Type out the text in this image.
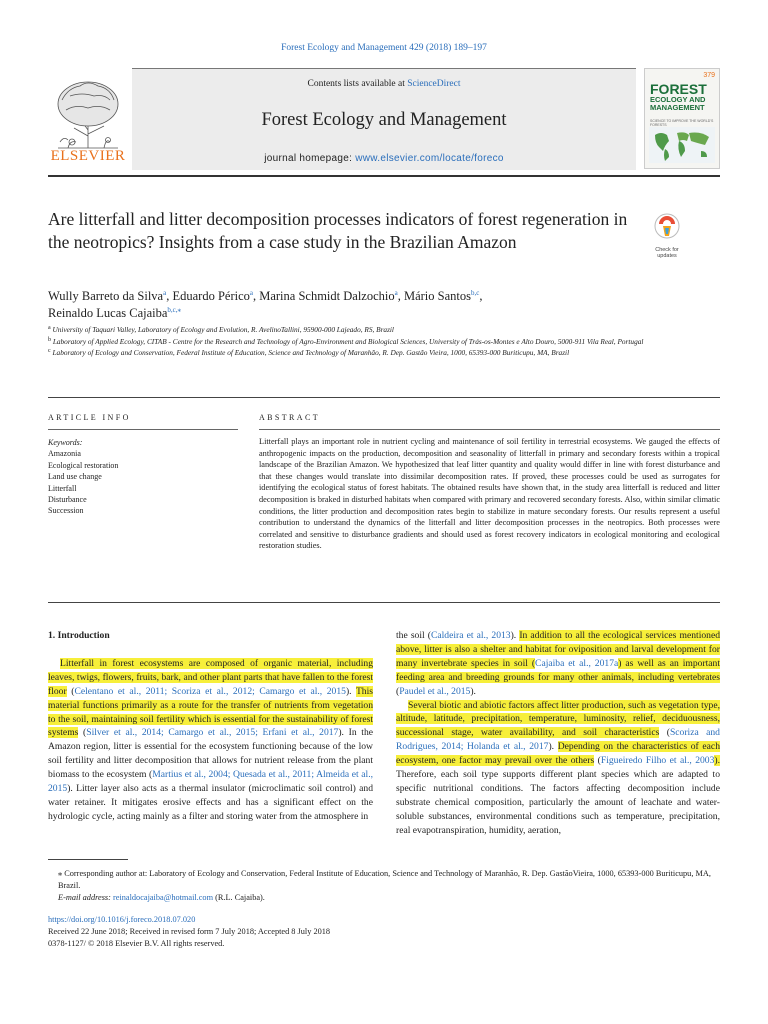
Forest Ecology and Management 429 (2018) 189–197
ELSEVIER
Contents lists available at ScienceDirect
Forest Ecology and Management
journal homepage: www.elsevier.com/locate/foreco
379
FOREST
ECOLOGY AND
MANAGEMENT
SCIENCE TO IMPROVE THE WORLD'S FORESTS
Are litterfall and litter decomposition processes indicators of forest regeneration in the neotropics? Insights from a case study in the Brazilian Amazon	Check for
updates
Wully Barreto da Silva$^a$, Eduardo Périco$^a$, Marina Schmidt Dalzochio$^a$, Mário Santos$^{b,c}$,
Reinaldo Lucas Cajaiba$^{b,c,⁎}$
$^a$ University of Taquari Valley, Laboratory of Ecology and Evolution, R. AvelinoTallini, 95900-000 Lajeado, RS, Brazil
$^b$ Laboratory of Applied Ecology, CITAB - Centre for the Research and Technology of Agro-Environment and Biological Sciences, University of Trás-os-Montes e Alto Douro, 5000-911 Vila Real, Portugal
$^c$ Laboratory of Ecology and Conservation, Federal Institute of Education, Science and Technology of Maranhão, R. Dep. Gastão Vieira, 1000, 65393-000 Buriticupu, MA, Brazil
ARTICLE INFO	ABSTRACT
Keywords:
Amazonia
Ecological restoration
Land use change
Litterfall
Disturbance
Succession
Litterfall plays an important role in nutrient cycling and maintenance of soil fertility in terrestrial ecosystems. We gauged the effects of anthropogenic impacts on the production, decomposition and seasonality of litterfall in primary and secondary forests within a tropical landscape of the Brazilian Amazon. We hypothesized that leaf litter quantity and quality would differ in line with forest disturbance and that these changes would translate into dissimilar decomposition rates. If proved, these processes could be used as surrogates for identifying the ecological status of forest habitats. The obtained results have shown that, in the study area litterfall is reduced and litter decomposition is braked in disturbed habitats when compared with primary and recovered secondary forests. Also, within similar climatic conditions, the litter production and decomposition rates begin to stabilize in mature secondary forests. Our results represent a useful contribution to understand the dynamics of the litterfall and litter decomposition processes in the neotropics. Both processes were correlated and sensitive to disturbance gradients and should used as forest recovery indicators in ecological monitoring and ecological restoration studies.
1. Introduction

Litterfall in forest ecosystems are composed of organic material, including leaves, twigs, flowers, fruits, bark, and other plant parts that have fallen to the forest floor (Celentano et al., 2011; Scoriza et al., 2012; Camargo et al., 2015). This material functions primarily as a route for the transfer of nutrients from vegetation to the soil, maintaining soil fertility which is essential for the sustainability of forest systems (Silver et al., 2014; Camargo et al., 2015; Erfani et al., 2017). In the Amazon region, litter is essential for the ecosystem functioning because of the low soil fertility and litter decomposition that allows for nutrient release from the plant biomass to the ecosystem (Martius et al., 2004; Quesada et al., 2011; Almeida et al., 2015). Litter layer also acts as a thermal insulator (microclimatic soil control) and water retainer. It mitigates erosive effects and has a significant effect on the hydrologic cycle, acting mainly as a filter and storing water from the atmosphere in

the soil (Caldeira et al., 2013). In addition to all the ecological services mentioned above, litter is also a shelter and habitat for oviposition and larval development for many invertebrate species in soil (Cajaiba et al., 2017a) as well as an important feeding area and breeding grounds for many other animals, including vertebrates (Paudel et al., 2015).

Several biotic and abiotic factors affect litter production, such as vegetation type, altitude, latitude, precipitation, temperature, luminosity, relief, deciduousness, successional stage, water availability, and soil characteristics (Scoriza and Rodrigues, 2014; Holanda et al., 2017). Depending on the characteristics of each ecosystem, one factor may prevail over the others (Figueiredo Filho et al., 2003). Therefore, each soil type supports different plant species which are adapted to specific nutritional conditions. The factors affecting decomposition include substrate chemical composition, particularly the amount of leachate and water-soluble substances, environmental conditions such as temperature, precipitation, real evapotranspiration, humidity, aeration,

⁎ Corresponding author at: Laboratory of Ecology and Conservation, Federal Institute of Education, Science and Technology of Maranhão, R. Dep. GastãoVieira, 1000, 65393-000 Buriticupu, MA, Brazil.
E-mail address: reinaldocajaiba@hotmail.com (R.L. Cajaiba).
https://doi.org/10.1016/j.foreco.2018.07.020
Received 22 June 2018; Received in revised form 7 July 2018; Accepted 8 July 2018
0378-1127/ © 2018 Elsevier B.V. All rights reserved.
